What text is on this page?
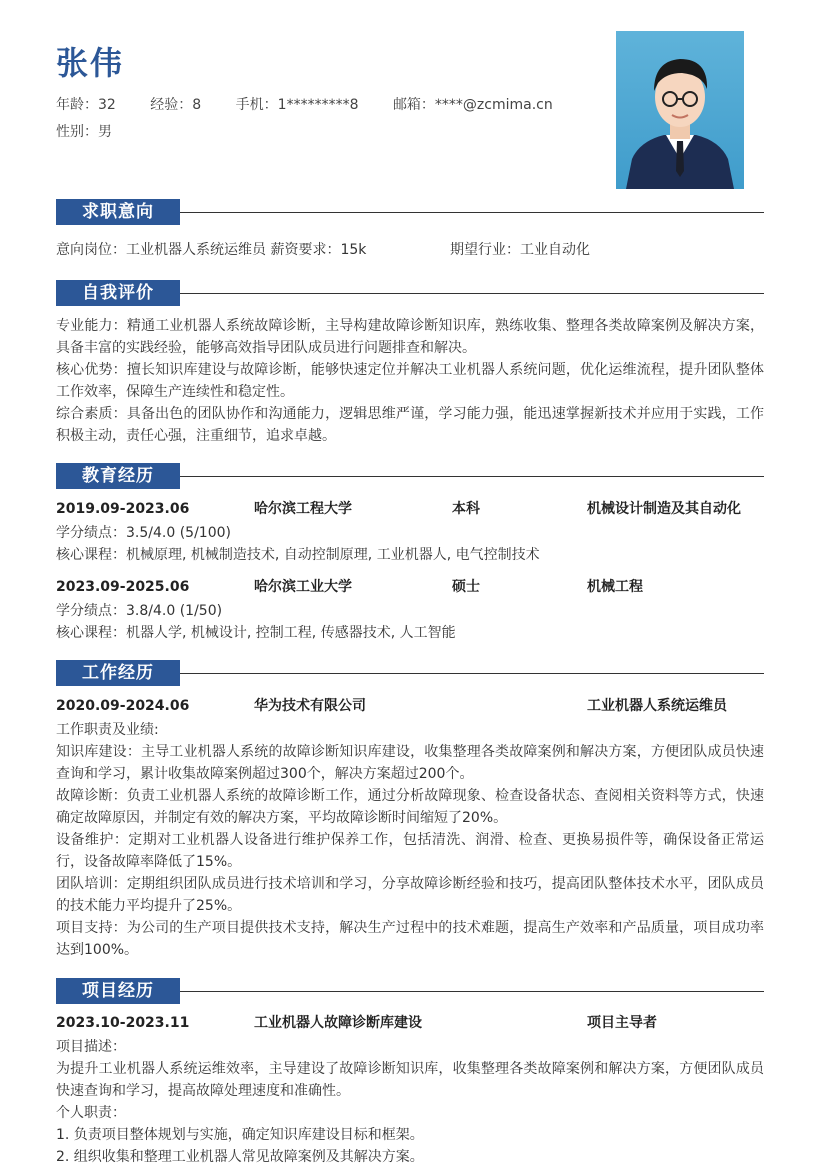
张伟
年龄：32 经验：8 手机：1*********8 邮箱：****@zcmima.cn
性别：男
求职意向
意向岗位：工业机器人系统运维员 薪资要求：15k	期望行业：工业自动化
自我评价

专业能力：精通工业机器人系统故障诊断，主导构建故障诊断知识库，熟练收集、整理各类故障案例及解决方案，具备丰富的实践经验，能够高效指导团队成员进行问题排查和解决。

核心优势：擅长知识库建设与故障诊断，能够快速定位并解决工业机器人系统问题，优化运维流程，提升团队整体工作效率，保障生产连续性和稳定性。

综合素质：具备出色的团队协作和沟通能力，逻辑思维严谨，学习能力强，能迅速掌握新技术并应用于实践，工作积极主动，责任心强，注重细节，追求卓越。

教育经历
2019.09-2023.06	哈尔滨工程大学	本科	机械设计制造及其自动化

学分绩点：3.5/4.0 (5/100)

核心课程：机械原理, 机械制造技术, 自动控制原理, 工业机器人, 电气控制技术

2023.09-2025.06	哈尔滨工业大学	硕士	机械工程

学分绩点：3.8/4.0 (1/50)

核心课程：机器人学, 机械设计, 控制工程, 传感器技术, 人工智能

工作经历
2020.09-2024.06	华为技术有限公司	工业机器人系统运维员

工作职责及业绩:

知识库建设：主导工业机器人系统的故障诊断知识库建设，收集整理各类故障案例和解决方案，方便团队成员快速查询和学习，累计收集故障案例超过300个，解决方案超过200个。

故障诊断：负责工业机器人系统的故障诊断工作，通过分析故障现象、检查设备状态、查阅相关资料等方式，快速确定故障原因，并制定有效的解决方案，平均故障诊断时间缩短了20%。

设备维护：定期对工业机器人设备进行维护保养工作，包括清洗、润滑、检查、更换易损件等，确保设备正常运行，设备故障率降低了15%。

团队培训：定期组织团队成员进行技术培训和学习，分享故障诊断经验和技巧，提高团队整体技术水平，团队成员的技术能力平均提升了25%。

项目支持：为公司的生产项目提供技术支持，解决生产过程中的技术难题，提高生产效率和产品质量，项目成功率达到100%。

项目经历
2023.10-2023.11	工业机器人故障诊断库建设	项目主导者

项目描述：

为提升工业机器人系统运维效率，主导建设了故障诊断知识库，收集整理各类故障案例和解决方案，方便团队成员快速查询和学习，提高故障处理速度和准确性。

个人职责：

1. 负责项目整体规划与实施，确定知识库建设目标和框架。

2. 组织收集和整理工业机器人常见故障案例及其解决方案。
